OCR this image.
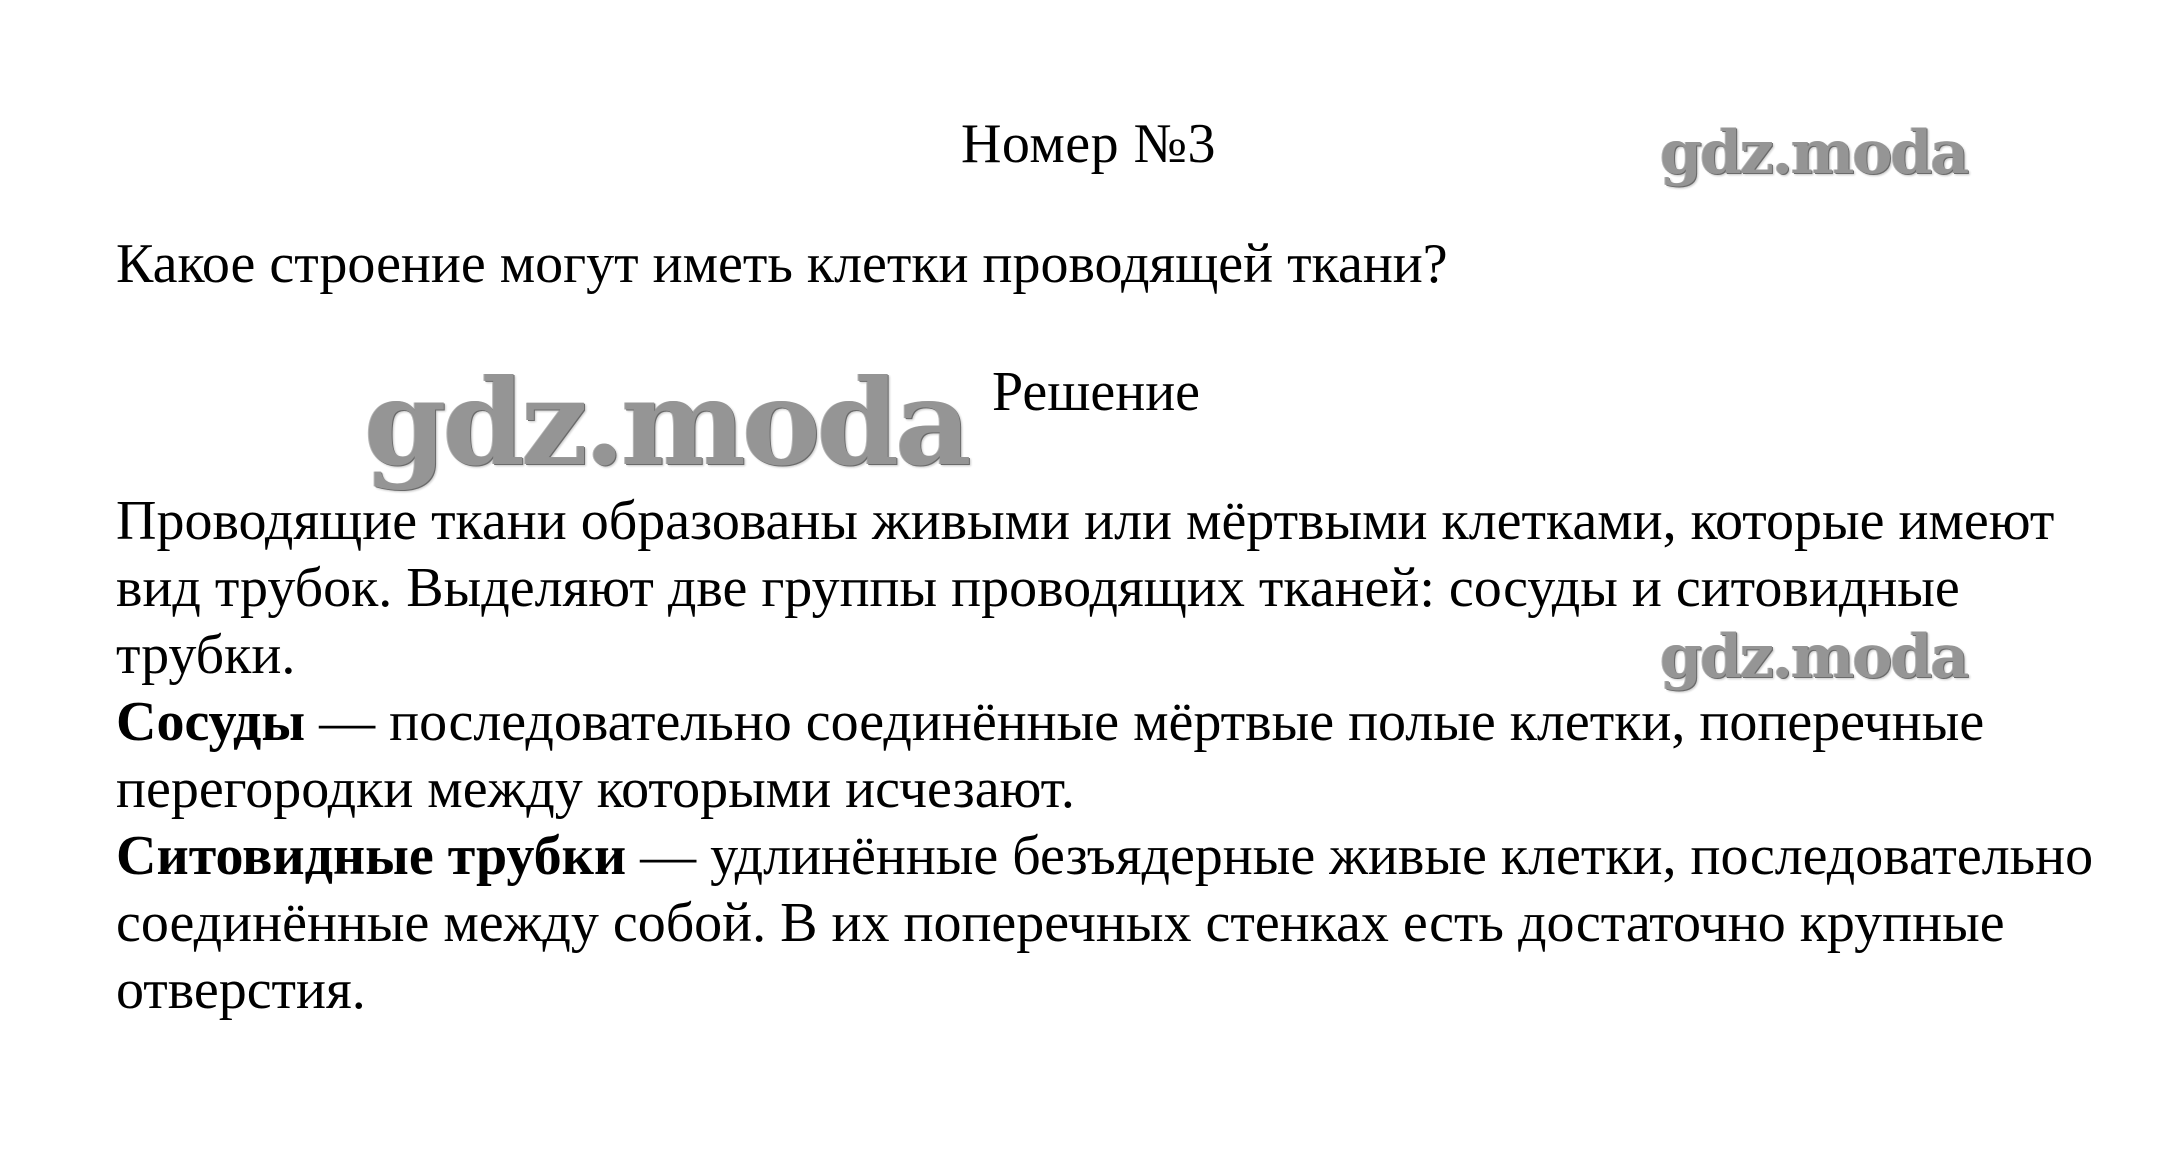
Номер №3	gdz.moda
Какое строение могут иметь клетки проводящей ткани?
gdz.moda Решение

Проводящие ткани образованы живыми или мёртвыми клетками, которые имеют вид трубок. Выделяют две группы проводящих тканей: сосуды и ситовидные трубки.

Сосуды — последовательно соединённые мёртвые полые клетки, поперечные перегородки между которыми исчезают.

Ситовидные трубки — удлинённые безъядерные живые клетки, последовательно соединённые между собой. В их поперечных стенках есть достаточно крупные отверстия.

gdz.moda
